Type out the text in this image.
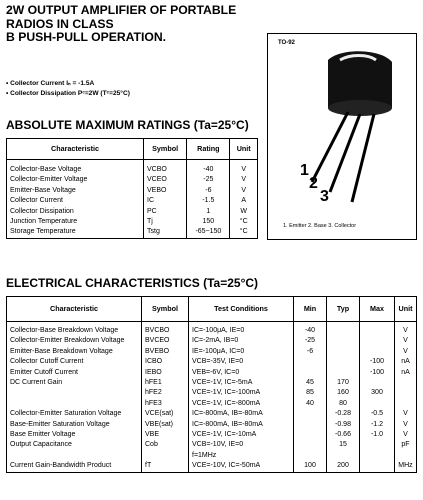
2W OUTPUT AMPLIFIER OF PORTABLE
RADIOS IN CLASS
B PUSH-PULL OPERATION.
• Collector Current Iₙ = -1.5A
• Collector Dissipation Pᶜ=2W (Tᶜ=25°C)
ABSOLUTE MAXIMUM RATINGS (Ta=25°C)
Characteristic	Symbol	Rating	Unit
Collector-Base Voltage	VCBO	-40	V
Collector-Emitter Voltage	VCEO	-25	V
Emitter-Base Voltage	VEBO	-6	V
Collector Current	IC	-1.5	A
Collector Dissipation	PC	1	W
Junction Temperature	Tj	150	°C
Storage Temperature	Tstg	-65~150	°C
TO-92
1
2
3
1. Emitter 2. Base 3. Collector
ELECTRICAL CHARACTERISTICS (Ta=25°C)
Characteristic	Symbol	Test Conditions	Min	Typ	Max	Unit
Collector-Base Breakdown Voltage	BVCBO	IC=-100μA, IE=0	-40			V
Collector-Emitter Breakdown Voltage	BVCEO	IC=-2mA, IB=0	-25			V
Emitter-Base Breakdown Voltage	BVEBO	IE=-100μA, IC=0	-6			V
Collector Cutoff Current	ICBO	VCB=-35V, IE=0			-100	nA
Emitter Cutoff Current	IEBO	VEB=-6V, IC=0			-100	nA
DC Current Gain	hFE1	VCE=-1V, IC=-5mA	45	170		
	hFE2	VCE=-1V, IC=-100mA	85	160	300	
	hFE3	VCE=-1V, IC=-800mA	40	80		
Collector-Emitter Saturation Voltage	VCE(sat)	IC=-800mA, IB=-80mA		-0.28	-0.5	V
Base-Emitter Saturation Voltage	VBE(sat)	IC=-800mA, IB=-80mA		-0.98	-1.2	V
Base Emitter Voltage	VBE	VCE=-1V, IC=-10mA		-0.66	-1.0	V
Output Capacitance	Cob	VCB=-10V, IE=0		15		pF
		f=1MHz				
Current Gain-Bandwidth Product	fT	VCE=-10V, IC=-50mA	100	200		MHz
